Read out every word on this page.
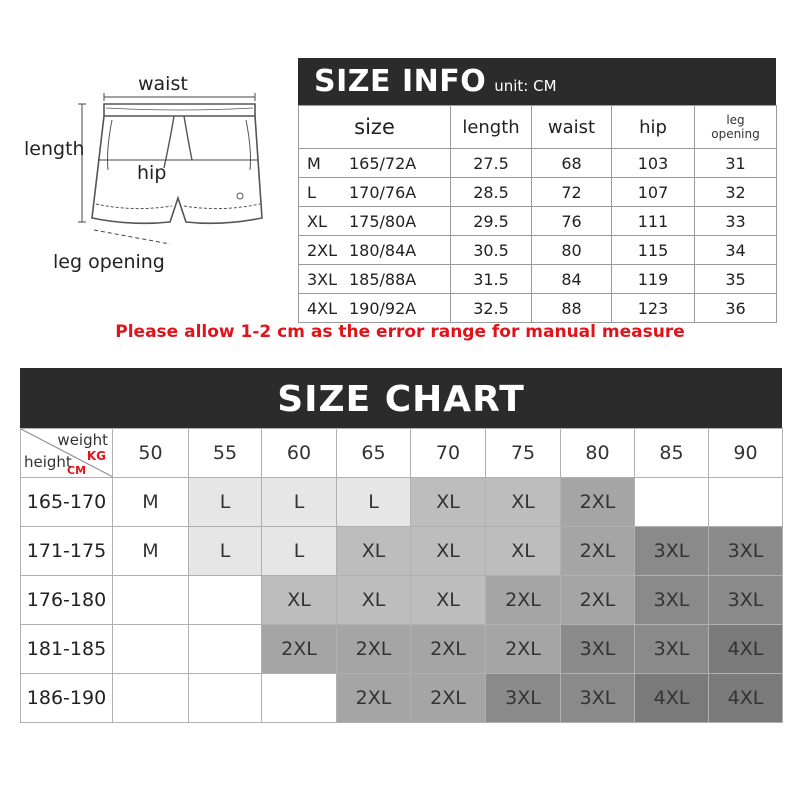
waist
length
hip
leg opening
SIZE INFO unit: CM
size	length	waist	hip	leg
opening

M 165/72A	27.5	68	103	31
L 170/76A	28.5	72	107	32
XL 175/80A	29.5	76	111	33
2XL 180/84A	30.5	80	115	34
3XL 185/88A	31.5	84	119	35
4XL 190/92A	32.5	88	123	36
Please allow 1-2 cm as the error range for manual measure
SIZE CHART
weight
KG
height
CM	50	55	60	65	70	75	80	85	90
165-170	M	L	L	L	XL	XL	2XL		
171-175	M	L	L	XL	XL	XL	2XL	3XL	3XL
176-180			XL	XL	XL	2XL	2XL	3XL	3XL
181-185			2XL	2XL	2XL	2XL	3XL	3XL	4XL
186-190				2XL	2XL	3XL	3XL	4XL	4XL
